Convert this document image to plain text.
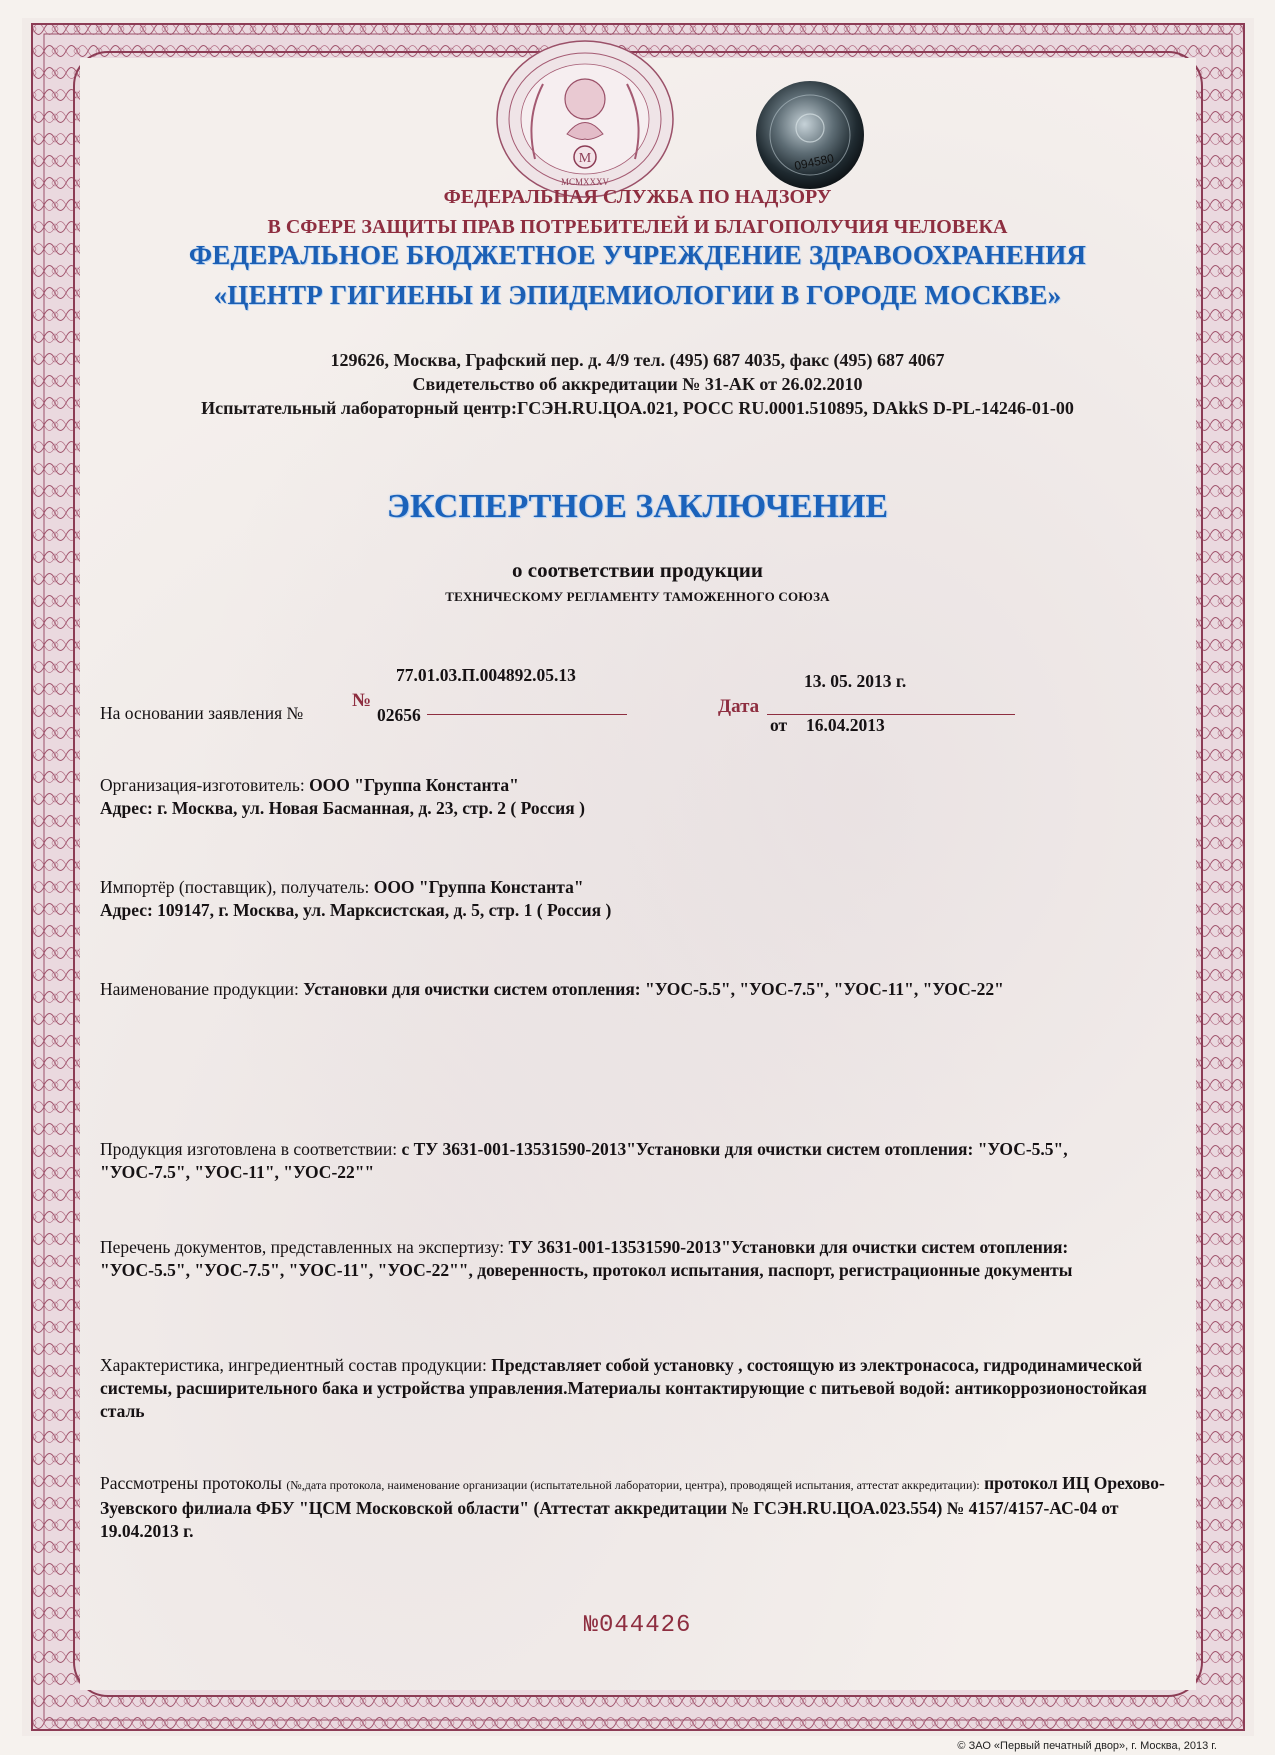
M
MCMXXXV
094580
ФЕДЕРАЛЬНАЯ СЛУЖБА ПО НАДЗОРУ
В СФЕРЕ ЗАЩИТЫ ПРАВ ПОТРЕБИТЕЛЕЙ И БЛАГОПОЛУЧИЯ ЧЕЛОВЕКА
ФЕДЕРАЛЬНОЕ БЮДЖЕТНОЕ УЧРЕЖДЕНИЕ ЗДРАВООХРАНЕНИЯ
«ЦЕНТР ГИГИЕНЫ И ЭПИДЕМИОЛОГИИ В ГОРОДЕ МОСКВЕ»
129626, Москва, Графский пер. д. 4/9 тел. (495) 687 4035, факс (495) 687 4067
Свидетельство об аккредитации № 31-АК от 26.02.2010
Испытательный лабораторный центр:ГСЭН.RU.ЦОА.021, РОСС RU.0001.510895, DAkkS D-PL-14246-01-00
ЭКСПЕРТНОЕ ЗАКЛЮЧЕНИЕ
о соответствии продукции
ТЕХНИЧЕСКОМУ РЕГЛАМЕНТУ ТАМОЖЕННОГО СОЮЗА
77.01.03.П.004892.05.13	13. 05. 2013 г.
На основании заявления №
№
02656	Дата
от 16.04.2013
Организация-изготовитель: ООО "Группа Константа"
Адрес: г. Москва, ул. Новая Басманная, д. 23, стр. 2 ( Россия )
Импортёр (поставщик), получатель: ООО "Группа Константа"
Адрес: 109147, г. Москва, ул. Марксистская, д. 5, стр. 1 ( Россия )
Наименование продукции: Установки для очистки систем отопления: "УОС-5.5", "УОС-7.5", "УОС-11", "УОС-22"
Продукция изготовлена в соответствии: с ТУ 3631-001-13531590-2013"Установки для очистки систем отопления: "УОС-5.5", "УОС-7.5", "УОС-11", "УОС-22""
Перечень документов, представленных на экспертизу: ТУ 3631-001-13531590-2013"Установки для очистки систем отопления: "УОС-5.5", "УОС-7.5", "УОС-11", "УОС-22"", доверенность, протокол испытания, паспорт, регистрационные документы
Характеристика, ингредиентный состав продукции: Представляет собой установку , состоящую из электронасоса, гидродинамической системы, расширительного бака и устройства управления.Материалы контактирующие с питьевой водой: антикоррозионостойкая сталь
Рассмотрены протоколы (№,дата протокола, наименование организации (испытательной лаборатории, центра), проводящей испытания, аттестат аккредитации): протокол ИЦ Орехово-Зуевского филиала ФБУ "ЦСМ Московской области" (Аттестат аккредитации № ГСЭН.RU.ЦОА.023.554) № 4157/4157-АС-04 от 19.04.2013 г.
№044426
© ЗАО «Первый печатный двор», г. Москва, 2013 г.
